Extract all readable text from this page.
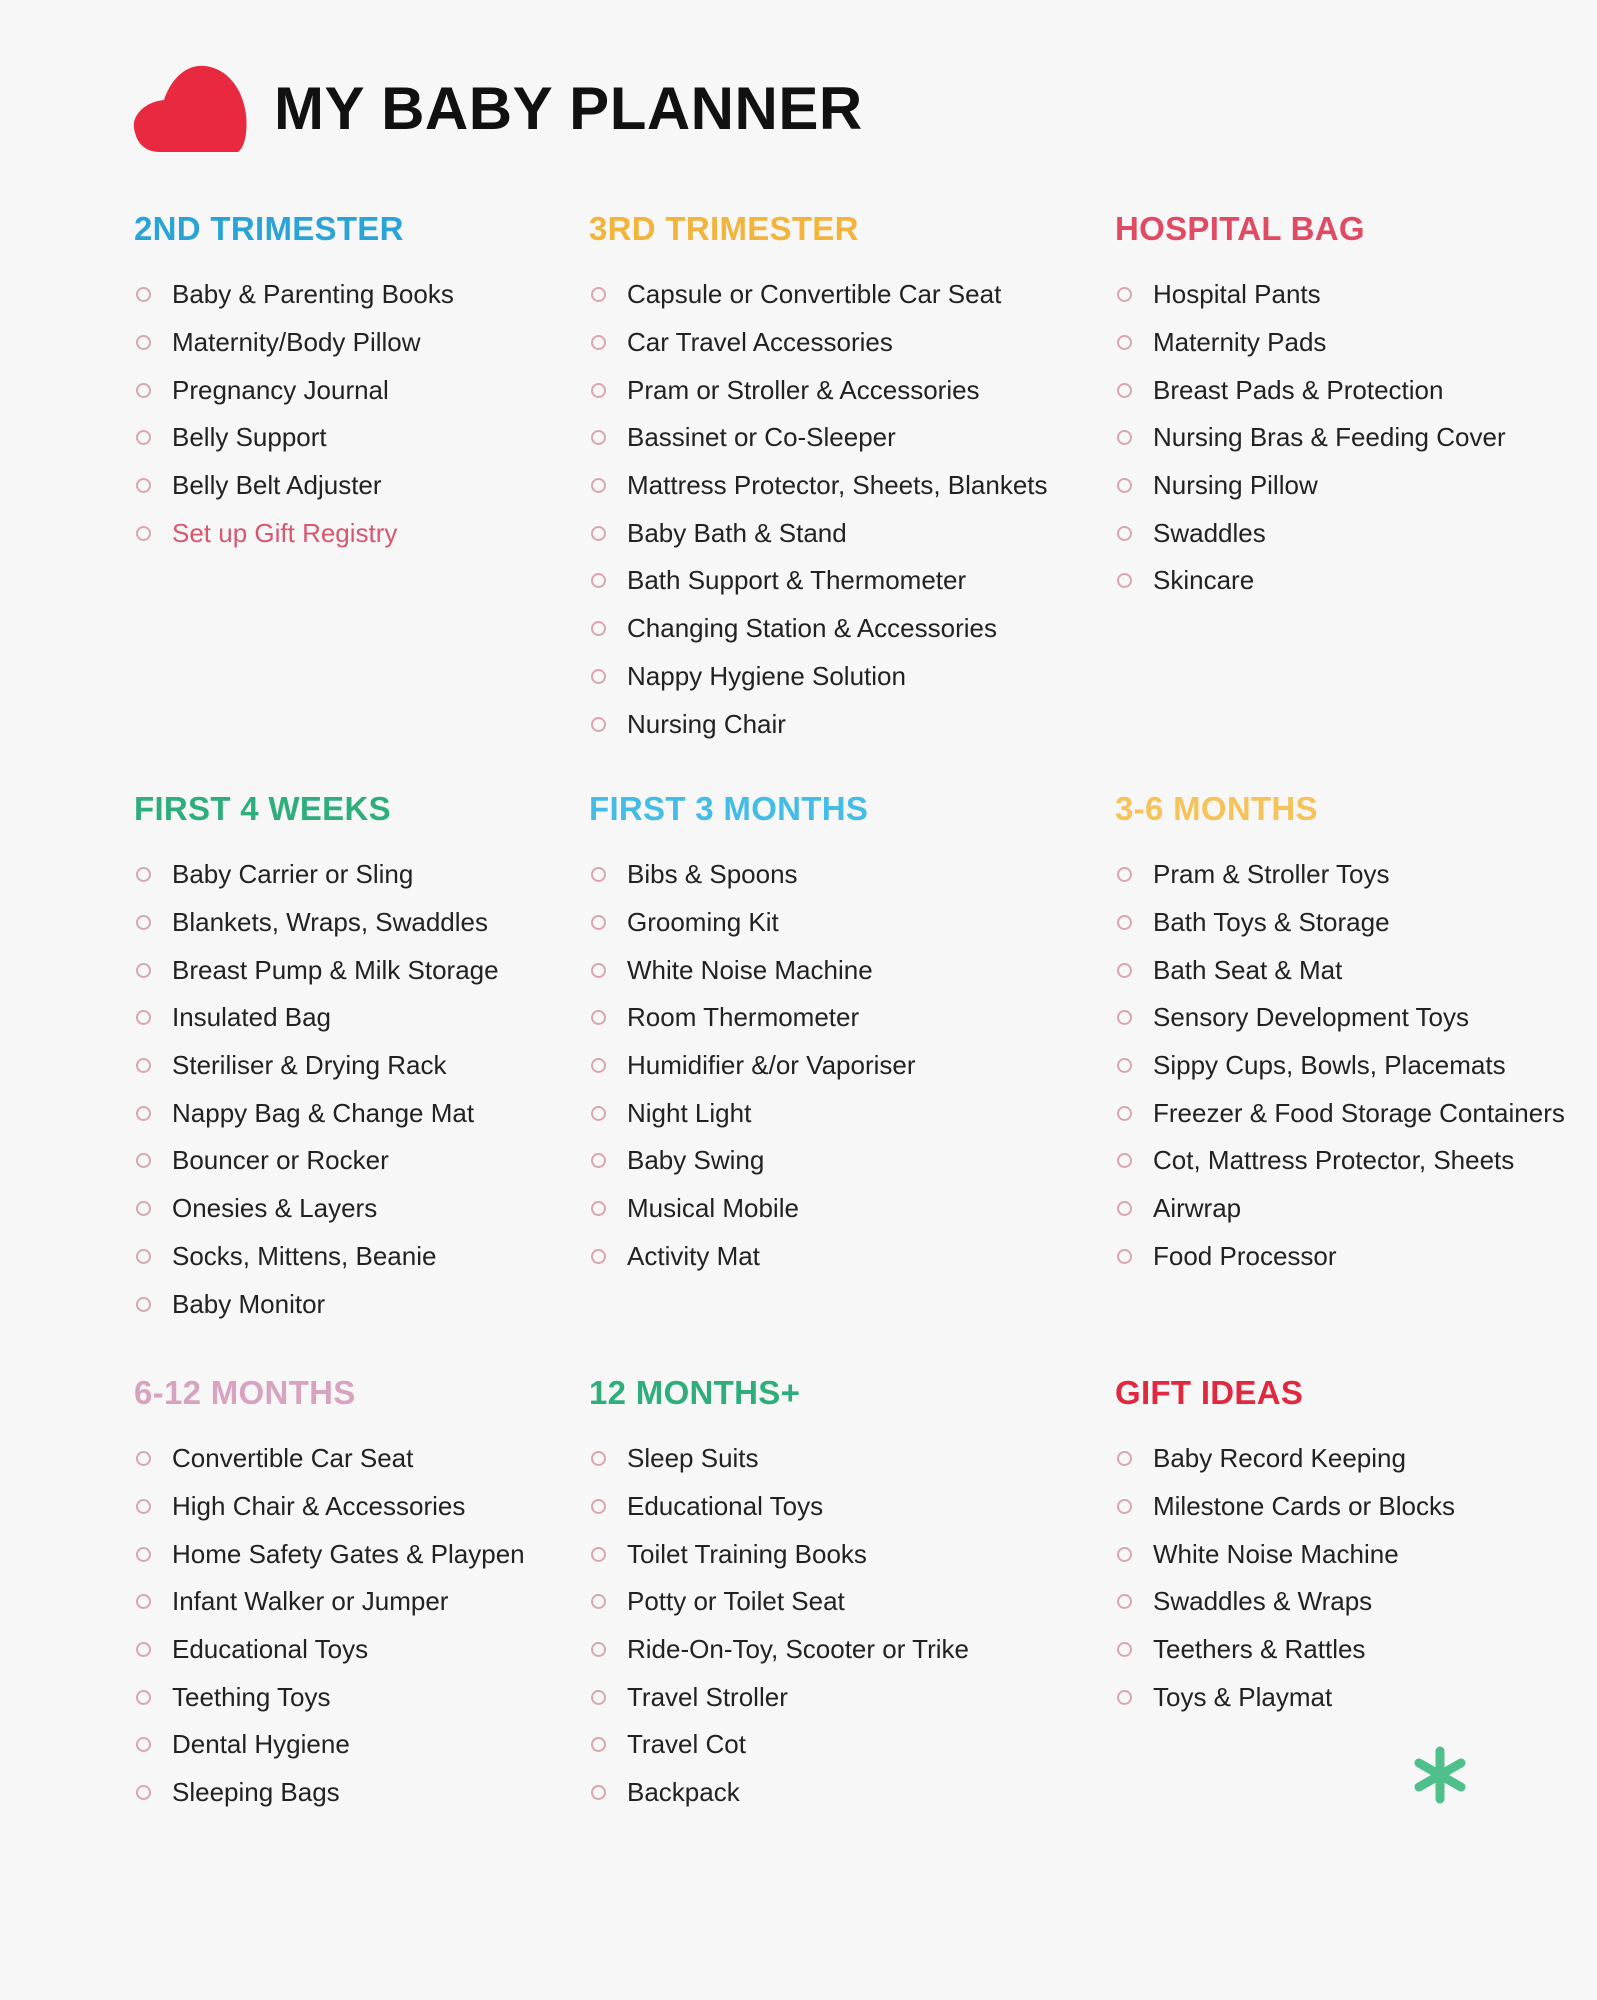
MY BABY PLANNER
2ND TRIMESTER
Baby & Parenting Books
Maternity/Body Pillow
Pregnancy Journal
Belly Support
Belly Belt Adjuster
Set up Gift Registry
3RD TRIMESTER
Capsule or Convertible Car Seat
Car Travel Accessories
Pram or Stroller & Accessories
Bassinet or Co-Sleeper
Mattress Protector, Sheets, Blankets
Baby Bath & Stand
Bath Support & Thermometer
Changing Station & Accessories
Nappy Hygiene Solution
Nursing Chair
HOSPITAL BAG
Hospital Pants
Maternity Pads
Breast Pads & Protection
Nursing Bras & Feeding Cover
Nursing Pillow
Swaddles
Skincare
FIRST 4 WEEKS
Baby Carrier or Sling
Blankets, Wraps, Swaddles
Breast Pump & Milk Storage
Insulated Bag
Steriliser & Drying Rack
Nappy Bag & Change Mat
Bouncer or Rocker
Onesies & Layers
Socks, Mittens, Beanie
Baby Monitor
FIRST 3 MONTHS
Bibs & Spoons
Grooming Kit
White Noise Machine
Room Thermometer
Humidifier &/or Vaporiser
Night Light
Baby Swing
Musical Mobile
Activity Mat
3-6 MONTHS
Pram & Stroller Toys
Bath Toys & Storage
Bath Seat & Mat
Sensory Development Toys
Sippy Cups, Bowls, Placemats
Freezer & Food Storage Containers
Cot, Mattress Protector, Sheets
Airwrap
Food Processor
6-12 MONTHS
Convertible Car Seat
High Chair & Accessories
Home Safety Gates & Playpen
Infant Walker or Jumper
Educational Toys
Teething Toys
Dental Hygiene
Sleeping Bags
12 MONTHS+
Sleep Suits
Educational Toys
Toilet Training Books
Potty or Toilet Seat
Ride-On-Toy, Scooter or Trike
Travel Stroller
Travel Cot
Backpack
GIFT IDEAS
Baby Record Keeping
Milestone Cards or Blocks
White Noise Machine
Swaddles & Wraps
Teethers & Rattles
Toys & Playmat
